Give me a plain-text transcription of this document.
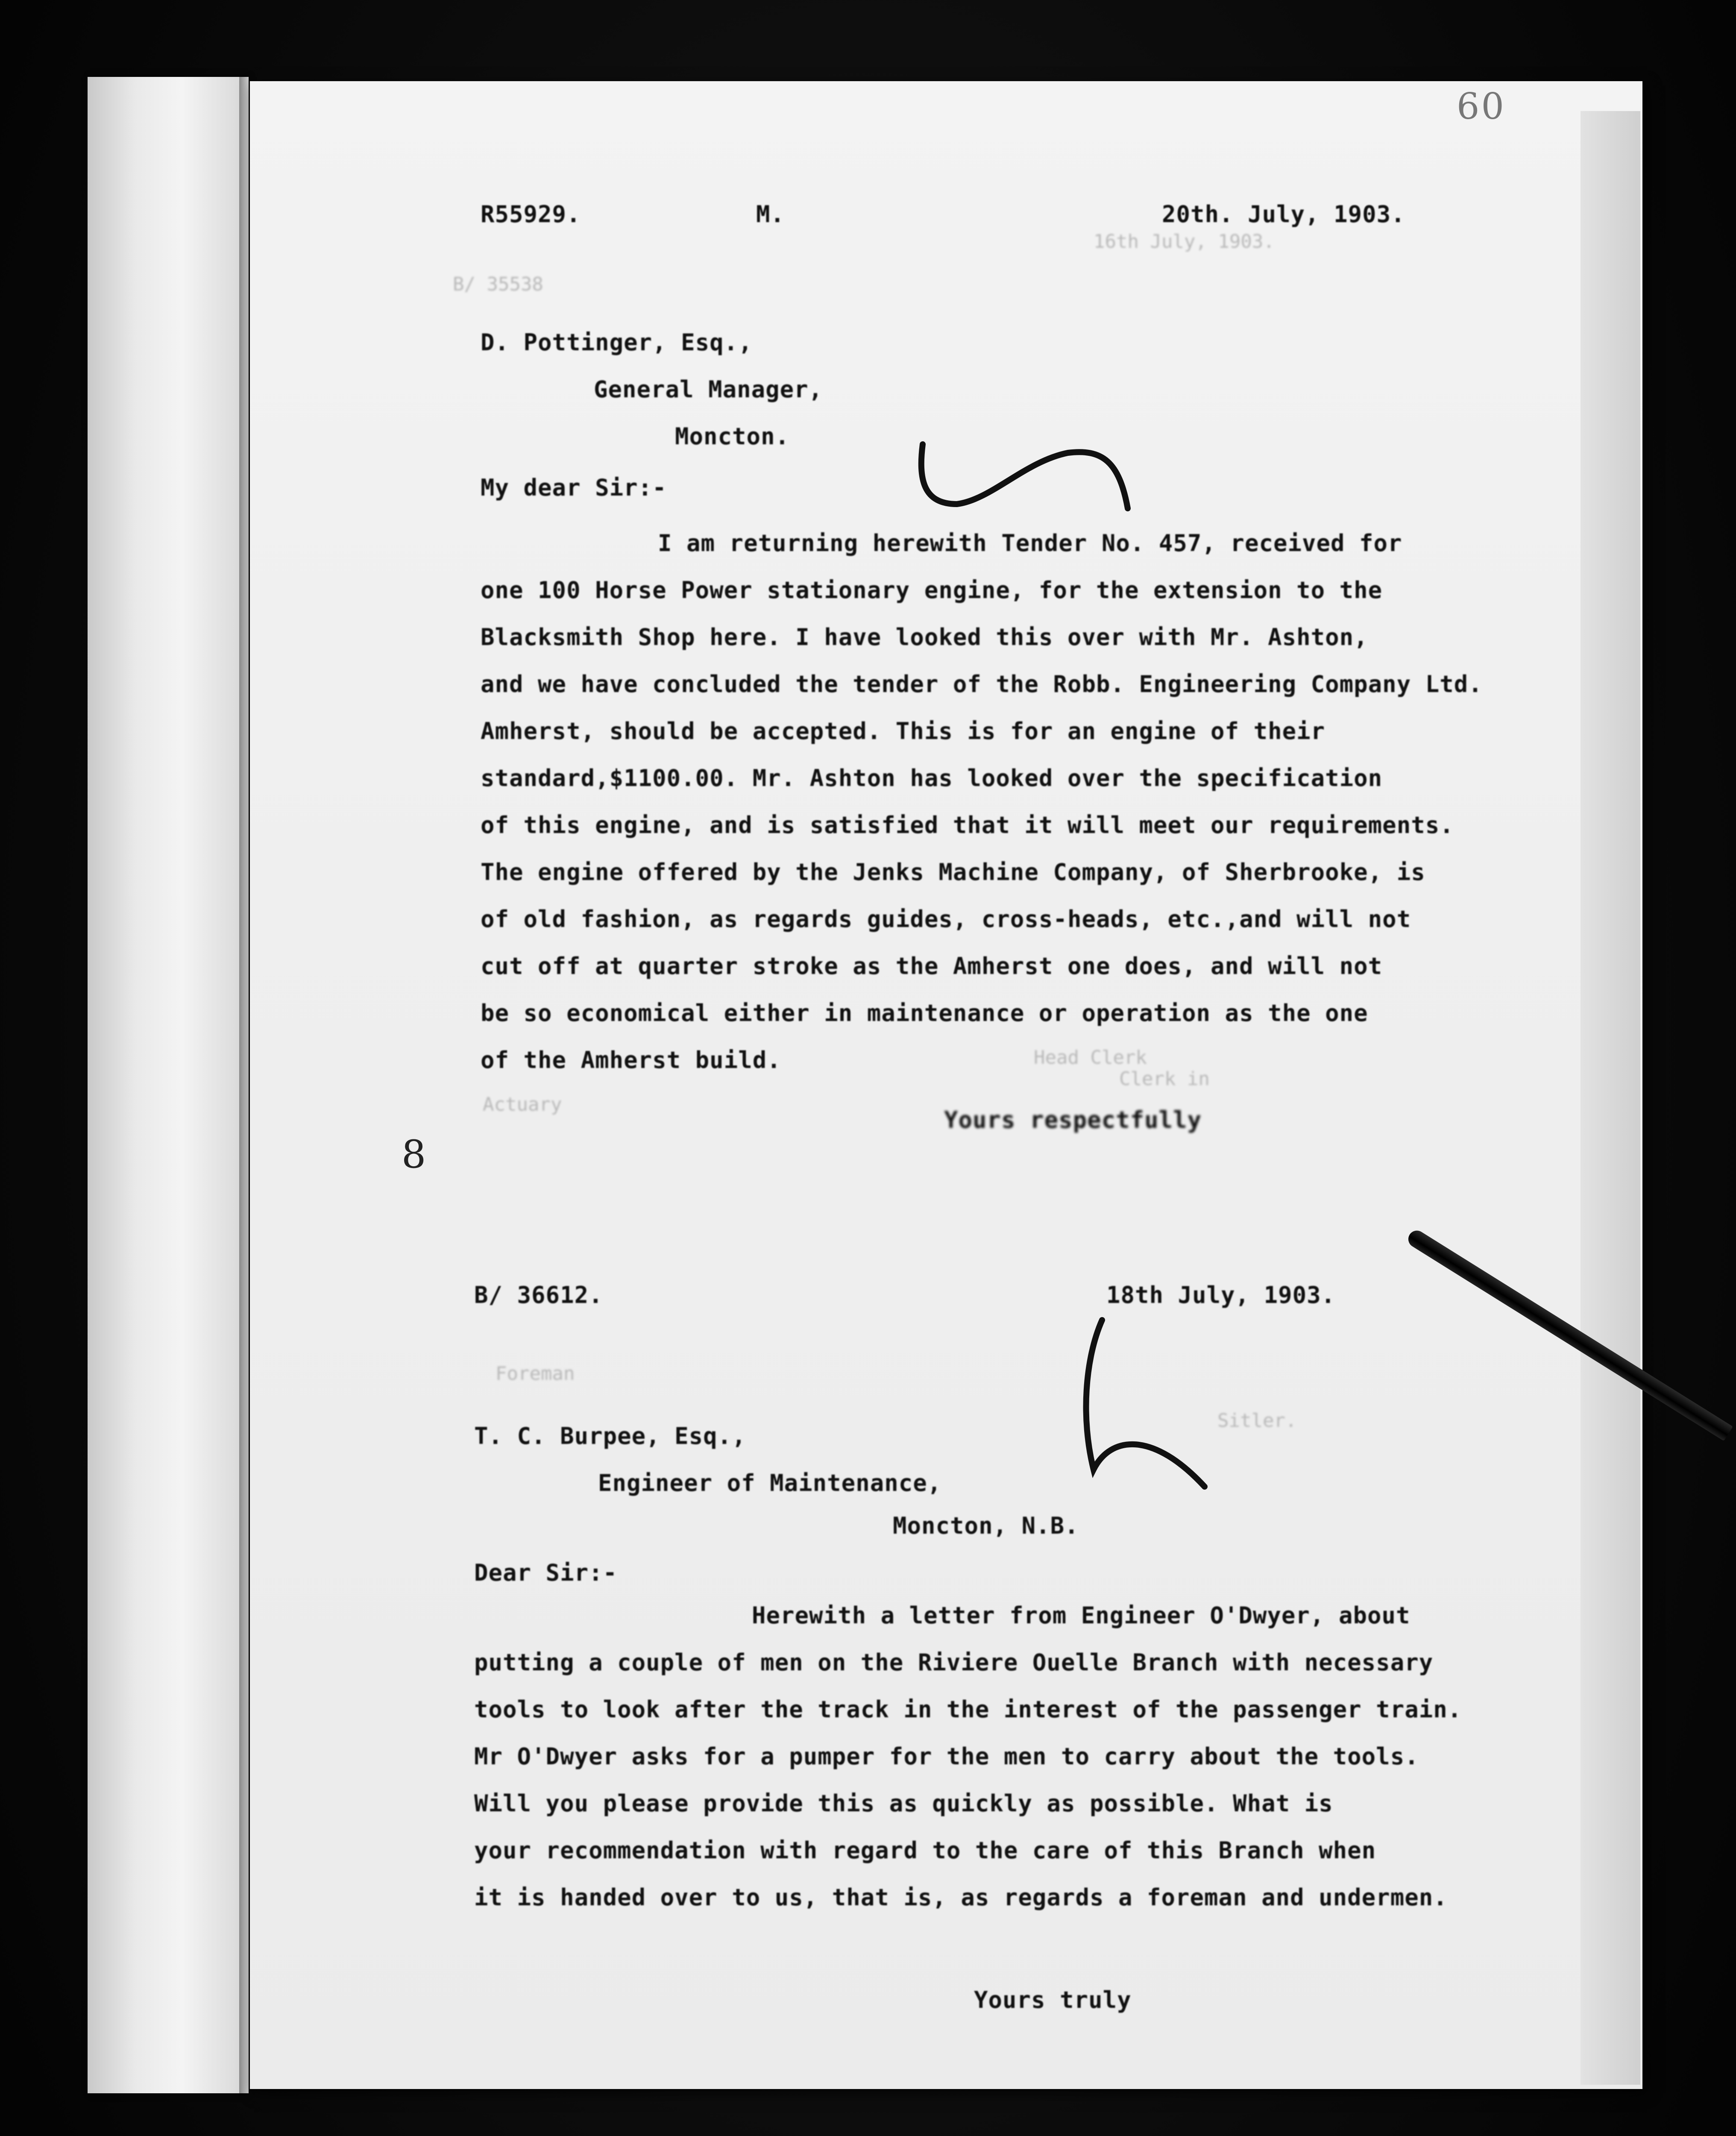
60
R55929.	M.	20th. July, 1903.
16th July, 1903.
B/ 35538
D. Pottinger, Esq.,
General Manager,
Moncton.
My dear Sir:-
I am returning herewith Tender No. 457, received for
one 100 Horse Power stationary engine, for the extension to the
Blacksmith Shop here. I have looked this over with Mr. Ashton,
and we have concluded the tender of the Robb. Engineering Company Ltd.
Amherst, should be accepted. This is for an engine of their
standard,$1100.00. Mr. Ashton has looked over the specification
of this engine, and is satisfied that it will meet our requirements.
The engine offered by the Jenks Machine Company, of Sherbrooke, is
of old fashion, as regards guides, cross-heads, etc.,and will not
cut off at quarter stroke as the Amherst one does, and will not
be so economical either in maintenance or operation as the one
of the Amherst build.
Yours respectfully
Head Clerk
Clerk in
Actuary
8
B/ 36612.	18th July, 1903.
Foreman
Sitler.
T. C. Burpee, Esq.,
Engineer of Maintenance,
Moncton, N.B.
Dear Sir:-
Herewith a letter from Engineer O'Dwyer, about
putting a couple of men on the Riviere Ouelle Branch with necessary
tools to look after the track in the interest of the passenger train.
Mr O'Dwyer asks for a pumper for the men to carry about the tools.
Will you please provide this as quickly as possible. What is
your recommendation with regard to the care of this Branch when
it is handed over to us, that is, as regards a foreman and undermen.
Yours truly
